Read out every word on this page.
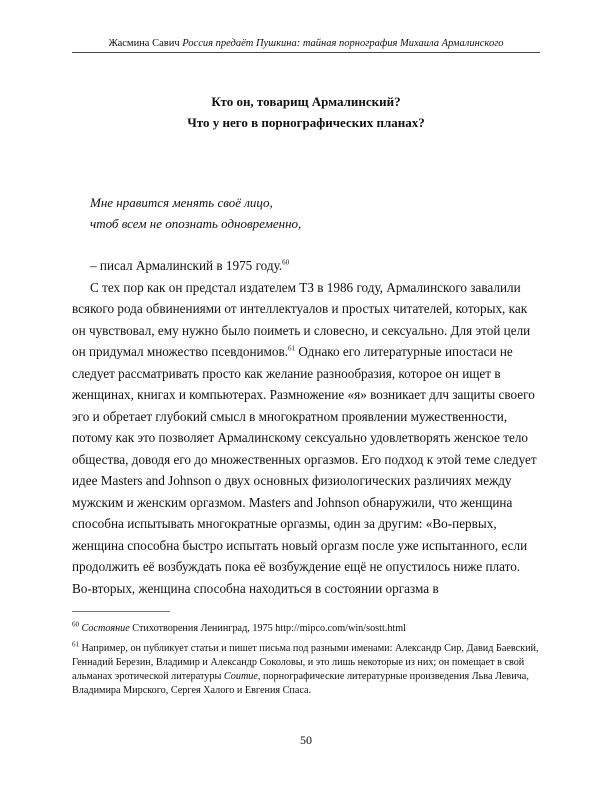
Жасмина Савич Россия предаёт Пушкина: тайная порнография Михаила Армалинского
Кто он, товарищ Армалинский?
Что у него в порнографических планах?
Мне нравится менять своё лицо,
чтоб всем не опознать одновременно,

– писал Армалинский в 1975 году.$^{60}$

С тех пор как он предстал издателем ТЗ в 1986 году, Армалинского завалили всякого рода обвинениями от интеллектуалов и простых читателей, которых, как он чувствовал, ему нужно было поиметь и словесно, и сексуально. Для этой цели он придумал множество псевдонимов.$^{61}$ Однако его литературные ипостаси не следует рассматривать просто как желание разнообразия, которое он ищет в женщинах, книгах и компьютерах. Размножение «я» возникает длч защиты своего эго и обретает глубокий смысл в многократном проявлении мужественности, потому как это позволяет Армалинскому сексуально удовлетворять женское тело общества, доводя его до множественных оргазмов. Его подход к этой теме следует идее Masters and Johnson о двух основных физиологических различиях между мужским и женским оргазмом. Masters and Johnson обнаружили, что женщина способна испытывать многократные оргазмы, один за другим: «Во-первых, женщина способна быстро испытать новый оргазм после уже испытанного, если продолжить её возбуждать пока её возбуждение ещё не опустилось ниже плато. Во-вторых, женщина способна находиться в состоянии оргазма в

$^{60}$ Состояние Стихотворения Ленинград, 1975 http://mipco.com/win/sostt.html

$^{61}$ Например, он публикует статьи и пишет письма под разными именами: Александр Сир, Давид Баевский, Геннадий Березин, Владимир и Александр Соколовы, и это лишь некоторые из них; он помещает в свой альманах эротической литературы Соитие, порнографические литературные произведения Льва Левича, Владимира Мирского, Сергея Халого и Евгения Спаса.

50
